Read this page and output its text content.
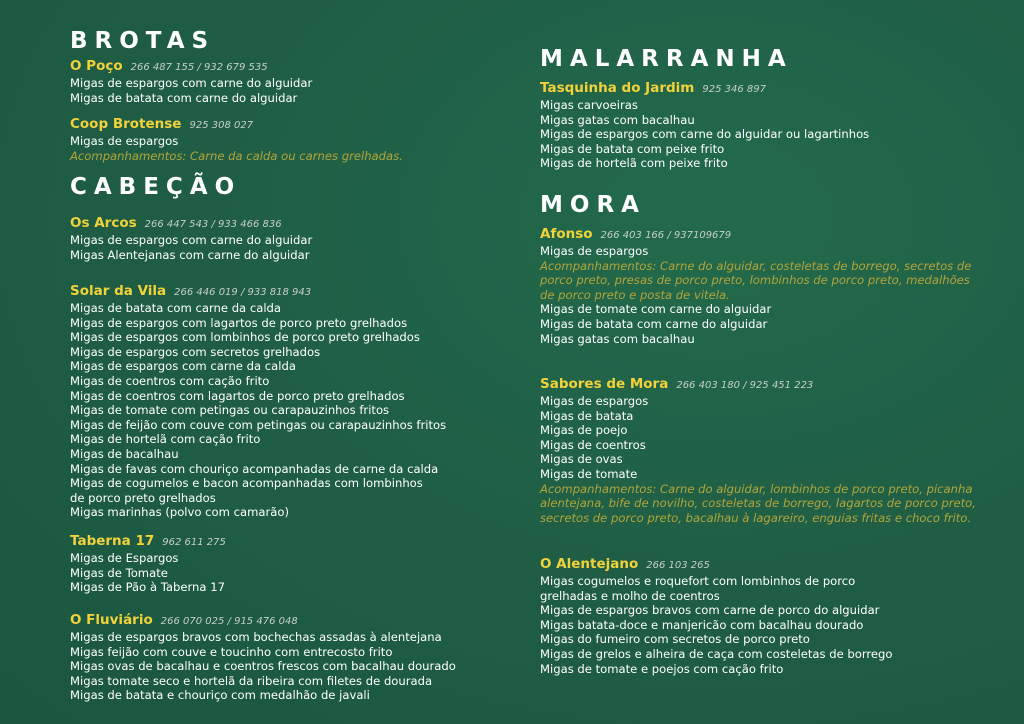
BROTAS
O Poço 266 487 155 / 932 679 535
Migas de espargos com carne do alguidar
Migas de batata com carne do alguidar
Coop Brotense 925 308 027
Migas de espargos
Acompanhamentos: Carne da calda ou carnes grelhadas.
CABEÇÃO
Os Arcos 266 447 543 / 933 466 836
Migas de espargos com carne do alguidar
Migas Alentejanas com carne do alguidar
Solar da Vila 266 446 019 / 933 818 943
Migas de batata com carne da calda
Migas de espargos com lagartos de porco preto grelhados
Migas de espargos com lombinhos de porco preto grelhados
Migas de espargos com secretos grelhados
Migas de espargos com carne da calda
Migas de coentros com cação frito
Migas de coentros com lagartos de porco preto grelhados
Migas de tomate com petingas ou carapauzinhos fritos
Migas de feijão com couve com petingas ou carapauzinhos fritos
Migas de hortelã com cação frito
Migas de bacalhau
Migas de favas com chouriço acompanhadas de carne da calda
Migas de cogumelos e bacon acompanhadas com lombinhos
de porco preto grelhados
Migas marinhas (polvo com camarão)
Taberna 17 962 611 275
Migas de Espargos
Migas de Tomate
Migas de Pão à Taberna 17
O Fluviário 266 070 025 / 915 476 048
Migas de espargos bravos com bochechas assadas à alentejana
Migas feijão com couve e toucinho com entrecosto frito
Migas ovas de bacalhau e coentros frescos com bacalhau dourado
Migas tomate seco e hortelã da ribeira com filetes de dourada
Migas de batata e chouriço com medalhão de javali
MALARRANHA
Tasquinha do Jardim 925 346 897
Migas carvoeiras
Migas gatas com bacalhau
Migas de espargos com carne do alguidar ou lagartinhos
Migas de batata com peixe frito
Migas de hortelã com peixe frito
MORA
Afonso 266 403 166 / 937109679
Migas de espargos
Acompanhamentos: Carne do alguidar, costeletas de borrego, secretos de porco preto, presas de porco preto, lombinhos de porco preto, medalhões de porco preto e posta de vitela.
Migas de tomate com carne do alguidar
Migas de batata com carne do alguidar
Migas gatas com bacalhau
Sabores de Mora 266 403 180 / 925 451 223
Migas de espargos
Migas de batata
Migas de poejo
Migas de coentros
Migas de ovas
Migas de tomate
Acompanhamentos: Carne do alguidar, lombinhos de porco preto, picanha alentejana, bife de novilho, costeletas de borrego, lagartos de porco preto, secretos de porco preto, bacalhau à lagareiro, enguias fritas e choco frito.
O Alentejano 266 103 265
Migas cogumelos e roquefort com lombinhos de porco
grelhadas e molho de coentros
Migas de espargos bravos com carne de porco do alguidar
Migas batata-doce e manjericão com bacalhau dourado
Migas do fumeiro com secretos de porco preto
Migas de grelos e alheira de caça com costeletas de borrego
Migas de tomate e poejos com cação frito
